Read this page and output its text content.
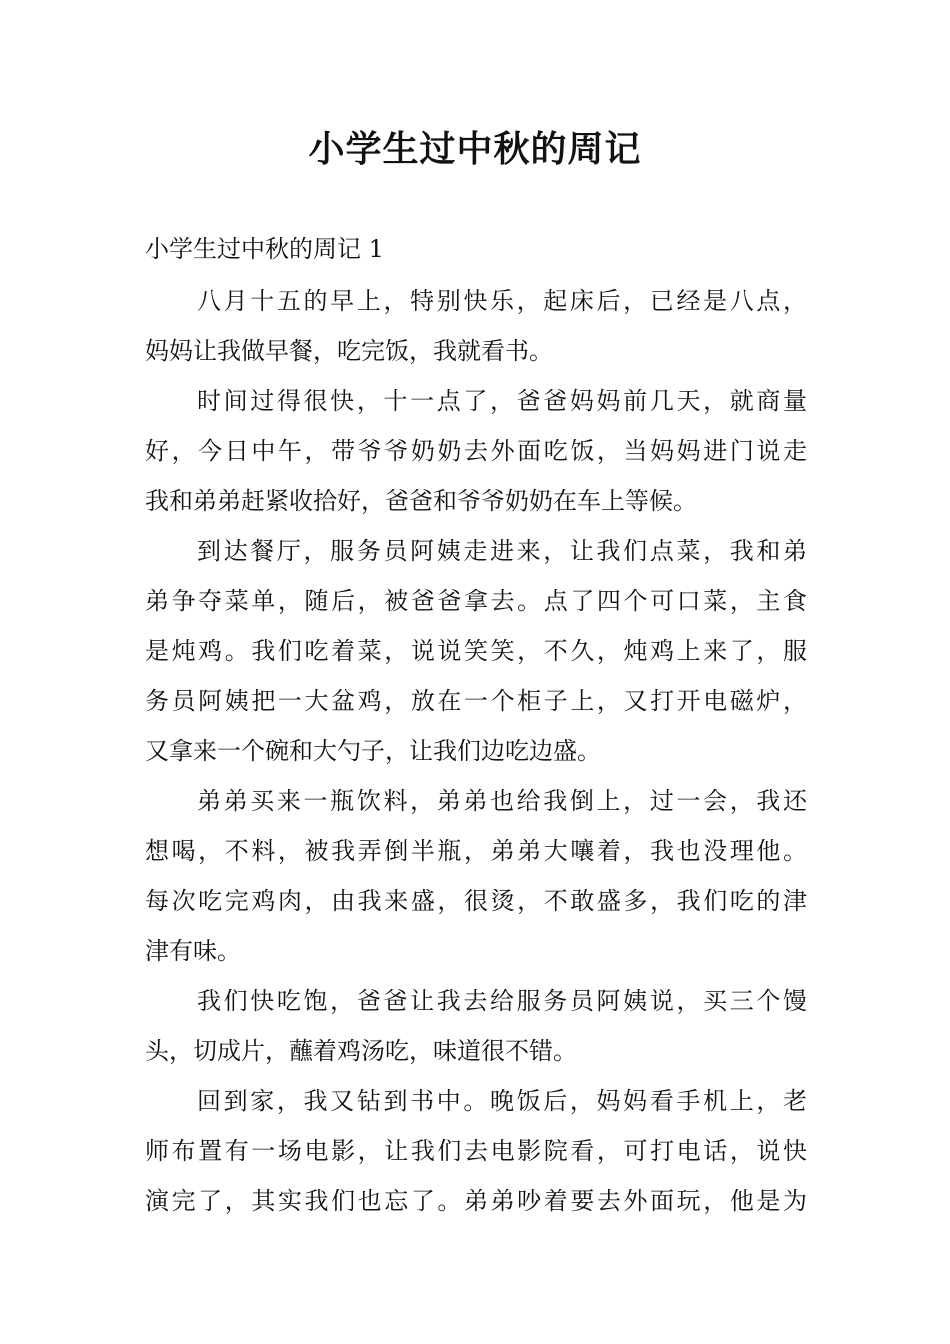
小学生过中秋的周记

小学生过中秋的周记 1

八月十五的早上，特别快乐，起床后，已经是八点，
妈妈让我做早餐，吃完饭，我就看书。

时间过得很快，十一点了，爸爸妈妈前几天，就商量
好，今日中午，带爷爷奶奶去外面吃饭，当妈妈进门说走
我和弟弟赶紧收拾好，爸爸和爷爷奶奶在车上等候。

到达餐厅，服务员阿姨走进来，让我们点菜，我和弟
弟争夺菜单，随后，被爸爸拿去。点了四个可口菜，主食
是炖鸡。我们吃着菜，说说笑笑，不久，炖鸡上来了，服
务员阿姨把一大盆鸡，放在一个柜子上，又打开电磁炉，
又拿来一个碗和大勺子，让我们边吃边盛。

弟弟买来一瓶饮料，弟弟也给我倒上，过一会，我还
想喝，不料，被我弄倒半瓶，弟弟大嚷着，我也没理他。
每次吃完鸡肉，由我来盛，很烫，不敢盛多，我们吃的津
津有味。

我们快吃饱，爸爸让我去给服务员阿姨说，买三个馒
头，切成片，蘸着鸡汤吃，味道很不错。

回到家，我又钻到书中。晚饭后，妈妈看手机上，老
师布置有一场电影，让我们去电影院看，可打电话，说快
演完了，其实我们也忘了。弟弟吵着要去外面玩，他是为
